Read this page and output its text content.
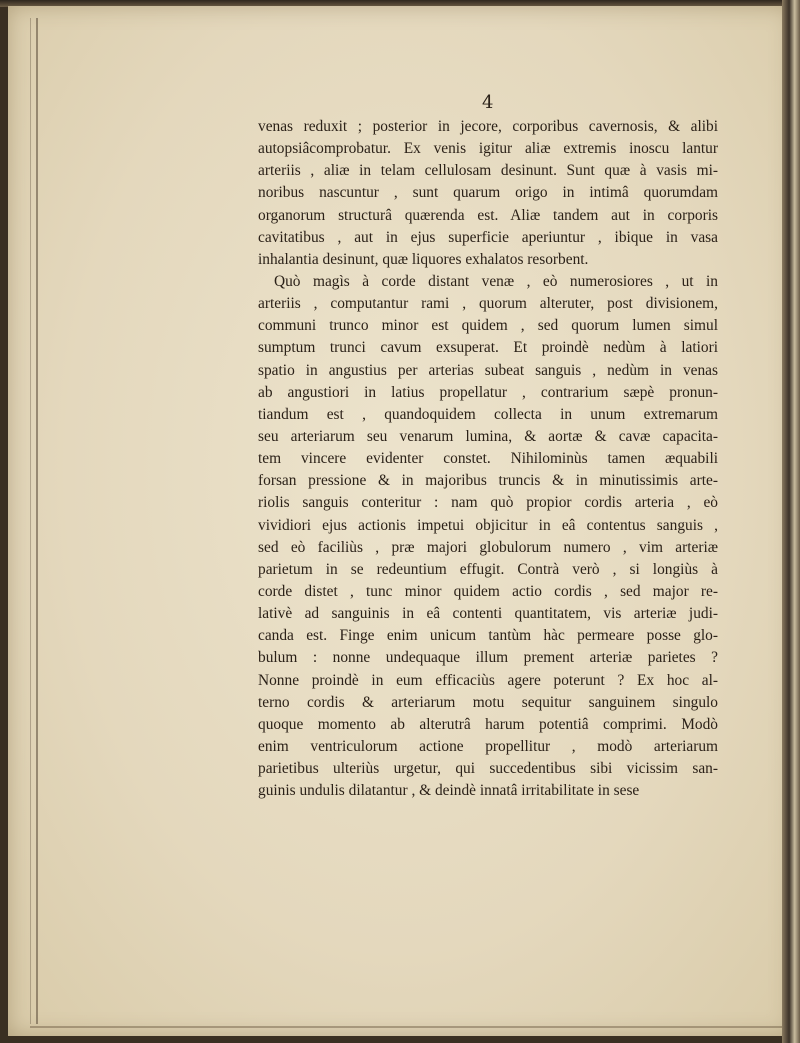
4
venas reduxit ; posterior in jecore, corporibus cavernosis, & alibi
autopsiâcomprobatur. Ex venis igitur aliæ extremis inoscu lantur
arteriis , aliæ in telam cellulosam desinunt. Sunt quæ à vasis mi-
noribus nascuntur , sunt quarum origo in intimâ quorumdam
organorum structurâ quærenda est. Aliæ tandem aut in corporis
cavitatibus , aut in ejus superficie aperiuntur , ibique in vasa
inhalantia desinunt, quæ liquores exhalatos resorbent.
Quò magìs à corde distant venæ , eò numerosiores , ut in
arteriis , computantur rami , quorum alteruter, post divisionem,
communi trunco minor est quidem , sed quorum lumen simul
sumptum trunci cavum exsuperat. Et proindè nedùm à latiori
spatio in angustius per arterias subeat sanguis , nedùm in venas
ab angustiori in latius propellatur , contrarium sæpè pronun-
tiandum est , quandoquidem collecta in unum extremarum
seu arteriarum seu venarum lumina, & aortæ & cavæ capacita-
tem vincere evidenter constet. Nihilominùs tamen æquabili
forsan pressione & in majoribus truncis & in minutissimis arte-
riolis sanguis conteritur : nam quò propior cordis arteria , eò
vividiori ejus actionis impetui objicitur in eâ contentus sanguis ,
sed eò faciliùs , præ majori globulorum numero , vim arteriæ
parietum in se redeuntium effugit. Contrà verò , si longiùs à
corde distet , tunc minor quidem actio cordis , sed major re-
lativè ad sanguinis in eâ contenti quantitatem, vis arteriæ judi-
canda est. Finge enim unicum tantùm hàc permeare posse glo-
bulum : nonne undequaque illum prement arteriæ parietes ?
Nonne proindè in eum efficaciùs agere poterunt ? Ex hoc al-
terno cordis & arteriarum motu sequitur sanguinem singulo
quoque momento ab alterutrâ harum potentiâ comprimi. Modò
enim ventriculorum actione propellitur , modò arteriarum
parietibus ulteriùs urgetur, qui succedentibus sibi vicissim san-
guinis undulis dilatantur , & deindè innatâ irritabilitate in sese
